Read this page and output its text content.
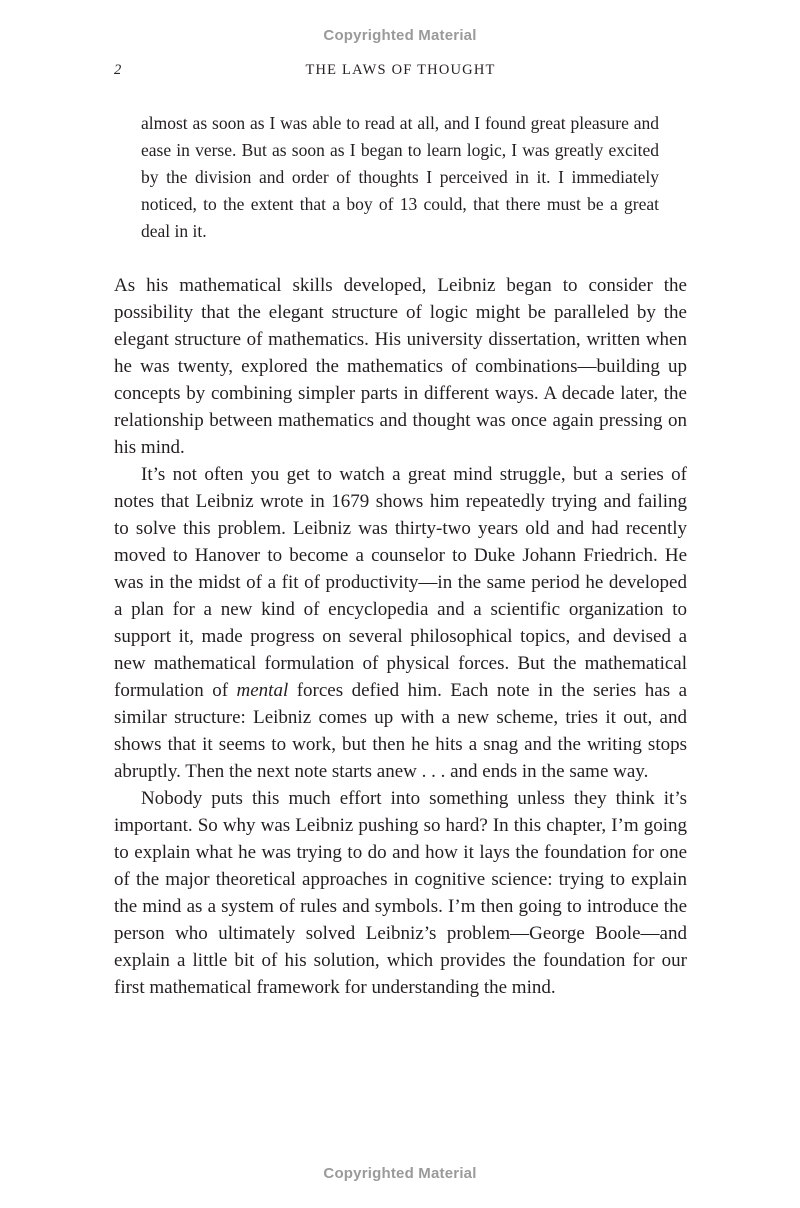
Copyrighted Material
2	THE LAWS OF THOUGHT

almost as soon as I was able to read at all, and I found great pleasure and ease in verse. But as soon as I began to learn logic, I was greatly excited by the division and order of thoughts I perceived in it. I immediately noticed, to the extent that a boy of 13 could, that there must be a great deal in it.

As his mathematical skills developed, Leibniz began to consider the possibility that the elegant structure of logic might be paralleled by the elegant structure of mathematics. His university dissertation, written when he was twenty, explored the mathematics of combinations—building up concepts by combining simpler parts in different ways. A decade later, the relationship between mathematics and thought was once again pressing on his mind.

It’s not often you get to watch a great mind struggle, but a series of notes that Leibniz wrote in 1679 shows him repeatedly trying and failing to solve this problem. Leibniz was thirty-two years old and had recently moved to Hanover to become a counselor to Duke Johann Friedrich. He was in the midst of a fit of productivity—in the same period he developed a plan for a new kind of encyclopedia and a scientific organization to support it, made progress on several philosophical topics, and devised a new mathematical formulation of physical forces. But the mathematical formulation of mental forces defied him. Each note in the series has a similar structure: Leibniz comes up with a new scheme, tries it out, and shows that it seems to work, but then he hits a snag and the writing stops abruptly. Then the next note starts anew . . . and ends in the same way.

Nobody puts this much effort into something unless they think it’s important. So why was Leibniz pushing so hard? In this chapter, I’m going to explain what he was trying to do and how it lays the foundation for one of the major theoretical approaches in cognitive science: trying to explain the mind as a system of rules and symbols. I’m then going to introduce the person who ultimately solved Leibniz’s problem—George Boole—and explain a little bit of his solution, which provides the foundation for our first mathematical framework for understanding the mind.

Copyrighted Material
